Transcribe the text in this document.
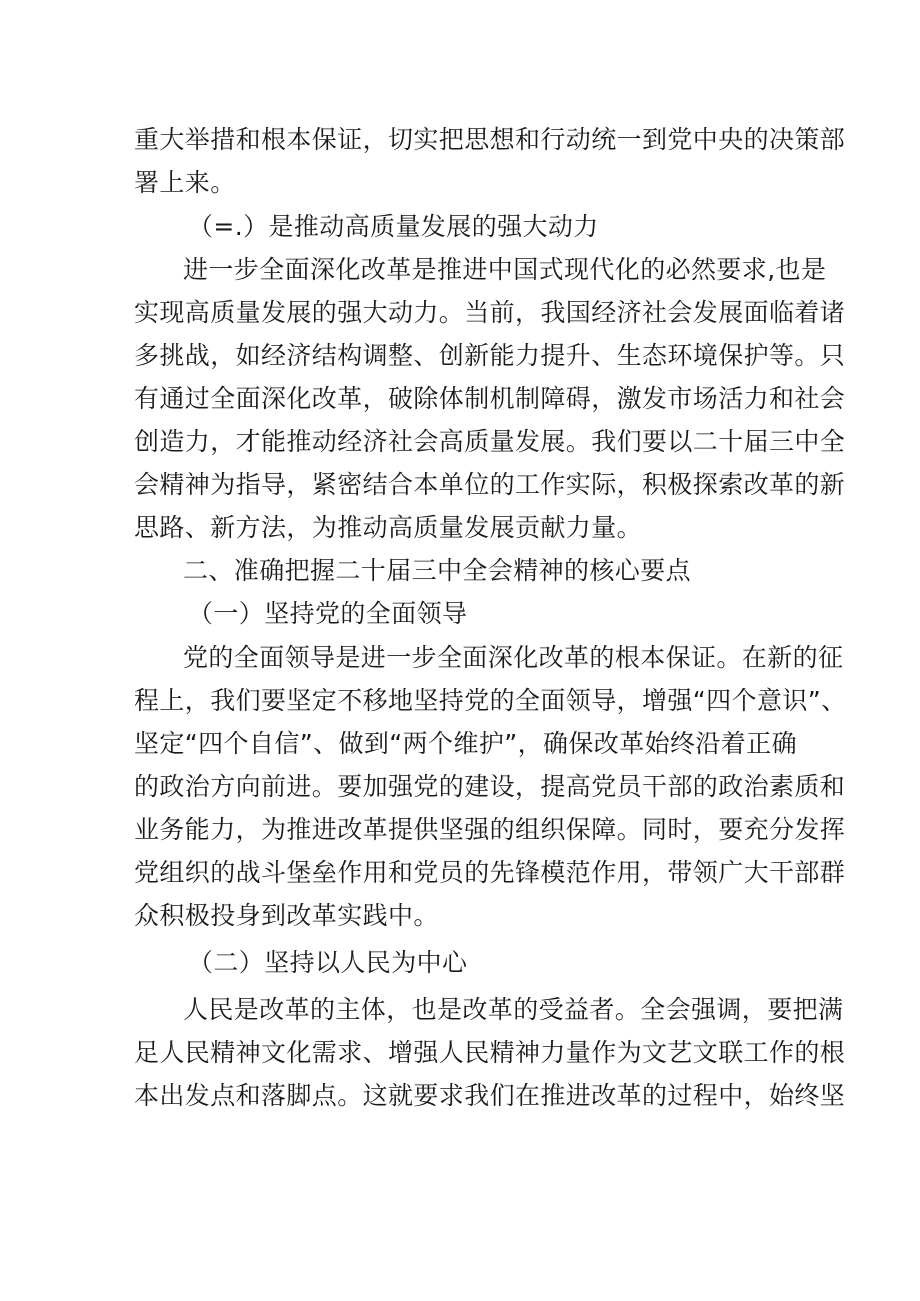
重大举措和根本保证，切实把思想和行动统一到党中央的决策部
署上来。
（=.）是推动高质量发展的强大动力
进一步全面深化改革是推进中国式现代化的必然要求,也是
实现高质量发展的强大动力。当前，我国经济社会发展面临着诸
多挑战，如经济结构调整、创新能力提升、生态环境保护等。只
有通过全面深化改革，破除体制机制障碍，激发市场活力和社会
创造力，才能推动经济社会高质量发展。我们要以二十届三中全
会精神为指导，紧密结合本单位的工作实际，积极探索改革的新
思路、新方法，为推动高质量发展贡献力量。
二、准确把握二十届三中全会精神的核心要点
（一）坚持党的全面领导
党的全面领导是进一步全面深化改革的根本保证。在新的征
程上，我们要坚定不移地坚持党的全面领导，增强“四个意识”、
坚定“四个自信”、做到“两个维护”，确保改革始终沿着正确
的政治方向前进。要加强党的建设，提高党员干部的政治素质和
业务能力，为推进改革提供坚强的组织保障。同时，要充分发挥
党组织的战斗堡垒作用和党员的先锋模范作用，带领广大干部群
众积极投身到改革实践中。
（二）坚持以人民为中心
人民是改革的主体，也是改革的受益者。全会强调，要把满
足人民精神文化需求、增强人民精神力量作为文艺文联工作的根
本出发点和落脚点。这就要求我们在推进改革的过程中，始终坚
